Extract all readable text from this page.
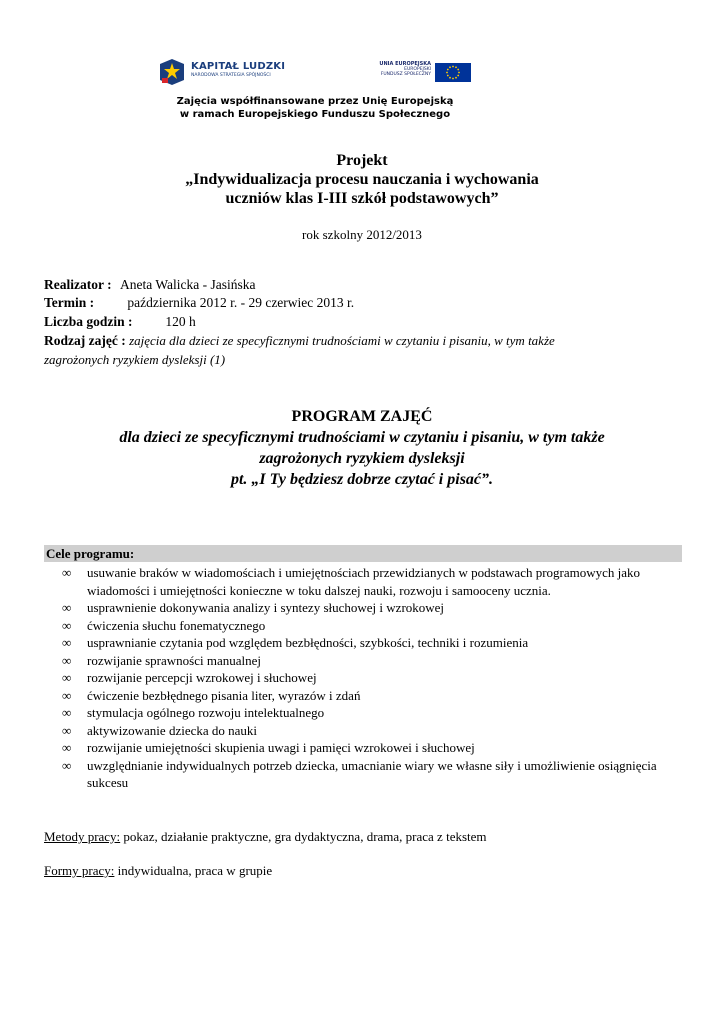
KAPITAŁ LUDZKI
NARODOWA STRATEGIA SPÓJNOŚCI
UNIA EUROPEJSKA
EUROPEJSKI
FUNDUSZ SPOŁECZNY
Zajęcia współfinansowane przez Unię Europejską
w ramach Europejskiego Funduszu Społecznego
Projekt
„Indywidualizacja procesu nauczania i wychowania
uczniów klas I-III szkół podstawowych”
rok szkolny 2012/2013
Realizator : Aneta Walicka - Jasińska
Termin : października 2012 r. - 29 czerwiec 2013 r.
Liczba godzin : 120 h
Rodzaj zajęć : zajęcia dla dzieci ze specyficznymi trudnościami w czytaniu i pisaniu, w tym także
zagrożonych ryzykiem dysleksji (1)
PROGRAM ZAJĘĆ
dla dzieci ze specyficznymi trudnościami w czytaniu i pisaniu, w tym także
zagrożonych ryzykiem dysleksji
pt. „I Ty będziesz dobrze czytać i pisać”.
Cele programu:
∞ usuwanie braków w wiadomościach i umiejętnościach przewidzianych w podstawach programowych jako wiadomości i umiejętności konieczne w toku dalszej nauki, rozwoju i samooceny ucznia.
∞ usprawnienie dokonywania analizy i syntezy słuchowej i wzrokowej
∞ ćwiczenia słuchu fonematycznego
∞ usprawnianie czytania pod względem bezbłędności, szybkości, techniki i rozumienia
∞ rozwijanie sprawności manualnej
∞ rozwijanie percepcji wzrokowej i słuchowej
∞ ćwiczenie bezbłędnego pisania liter, wyrazów i zdań
∞ stymulacja ogólnego rozwoju intelektualnego
∞ aktywizowanie dziecka do nauki
∞ rozwijanie umiejętności skupienia uwagi i pamięci wzrokowei i słuchowej
∞ uwzględnianie indywidualnych potrzeb dziecka, umacnianie wiary we własne siły i umożliwienie osiągnięcia sukcesu
Metody pracy: pokaz, działanie praktyczne, gra dydaktyczna, drama, praca z tekstem
Formy pracy: indywidualna, praca w grupie
